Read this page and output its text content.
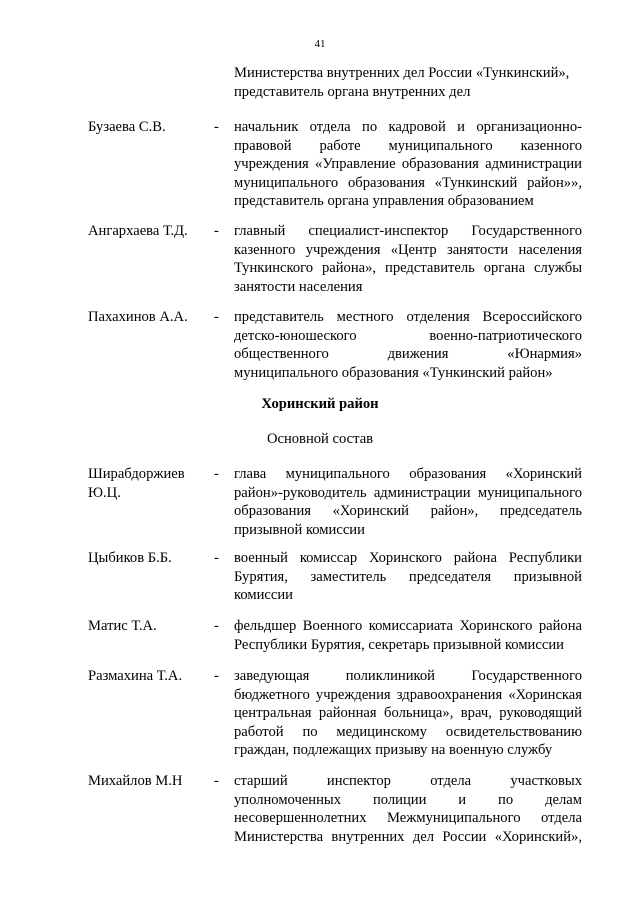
41
Министерства внутренних дел России «Тункинский»,
представитель органа внутренних дел
Бузаева С.В.	- начальник отдела по кадровой и организационно-
правовой работе муниципального казенного
учреждения «Управление образования администрации
муниципального образования «Тункинский район»»,
представитель органа управления образованием
Ангархаева Т.Д.	- главный специалист-инспектор Государственного
казенного учреждения «Центр занятости населения
Тункинского района», представитель органа службы
занятости населения
Пахахинов А.А.	- представитель местного отделения Всероссийского
детско-юношеского военно-патриотического
общественного движения «Юнармия»
муниципального образования «Тункинский район»
Хоринский район
Основной состав
Ширабдоржиев Ю.Ц.
- глава муниципального образования «Хоринский
район»-руководитель администрации муниципального
образования «Хоринский район», председатель
призывной комиссии
Цыбиков Б.Б.	- военный комиссар Хоринского района Республики
Бурятия, заместитель председателя призывной
комиссии
Матис Т.А.	- фельдшер Военного комиссариата Хоринского района
Республики Бурятия, секретарь призывной комиссии
Размахина Т.А.	- заведующая поликлиникой Государственного
бюджетного учреждения здравоохранения «Хоринская
центральная районная больница», врач, руководящий
работой по медицинскому освидетельствованию
граждан, подлежащих призыву на военную службу
Михайлов М.Н	- старший инспектор отдела участковых
уполномоченных полиции и по делам
несовершеннолетних Межмуниципального отдела
Министерства внутренних дел России «Хоринский»,
